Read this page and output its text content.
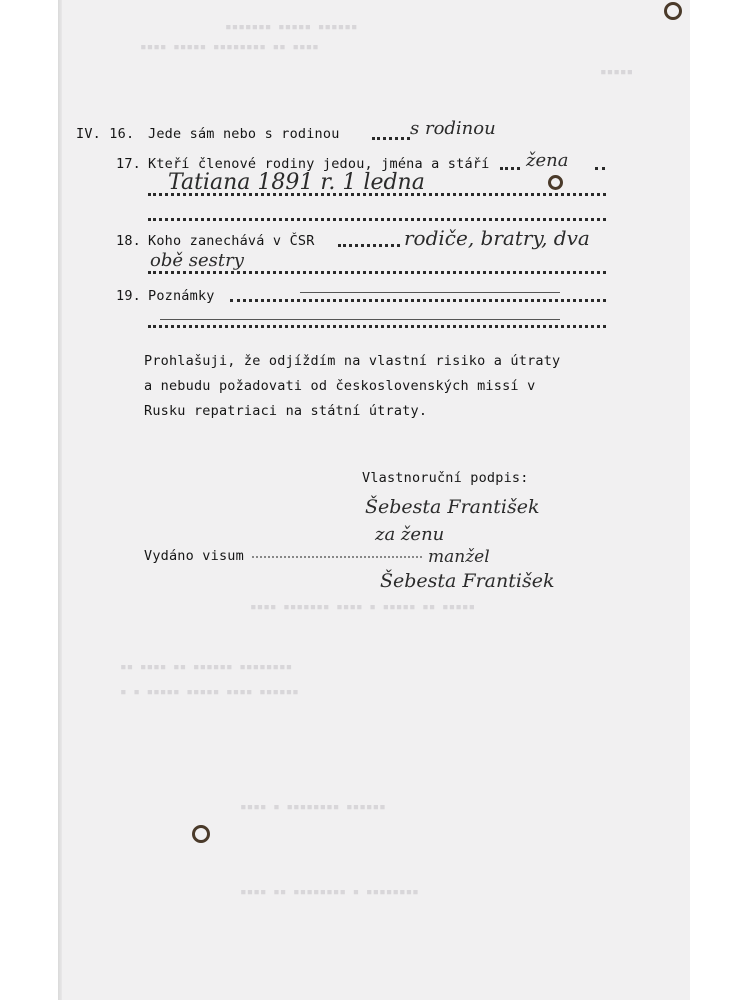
▪▪▪▪▪▪▪ ▪▪▪▪▪ ▪▪▪▪▪▪
▪▪▪▪ ▪▪▪▪▪ ▪▪▪▪▪▪▪▪ ▪▪ ▪▪▪▪
▪▪▪▪▪
▪▪▪▪ ▪▪▪▪▪▪▪ ▪▪▪▪ ▪ ▪▪▪▪▪ ▪▪ ▪▪▪▪▪
▪▪ ▪▪▪▪ ▪▪ ▪▪▪▪▪▪ ▪▪▪▪▪▪▪▪
▪ ▪ ▪▪▪▪▪ ▪▪▪▪▪ ▪▪▪▪ ▪▪▪▪▪▪
▪▪▪▪ ▪ ▪▪▪▪▪▪▪▪ ▪▪▪▪▪▪
▪▪▪▪ ▪▪ ▪▪▪▪▪▪▪▪ ▪ ▪▪▪▪▪▪▪▪
IV. 16. Jede sám nebo s rodinou	s rodinou
17. Kteří členové rodiny jedou, jména a stáří žena
Tatiana 1891 r. 1 ledna
18. Koho zanechává v ČSR	rodiče, bratry, dva
obě sestry
19. Poznámky
Prohlašuji, že odjíždím na vlastní risiko a útraty
a nebudu požadovati od československých missí v
Rusku repatriaci na státní útraty.
Vlastnoruční podpis:
Šebesta František
za ženu
manžel
Šebesta František
Vydáno visum
